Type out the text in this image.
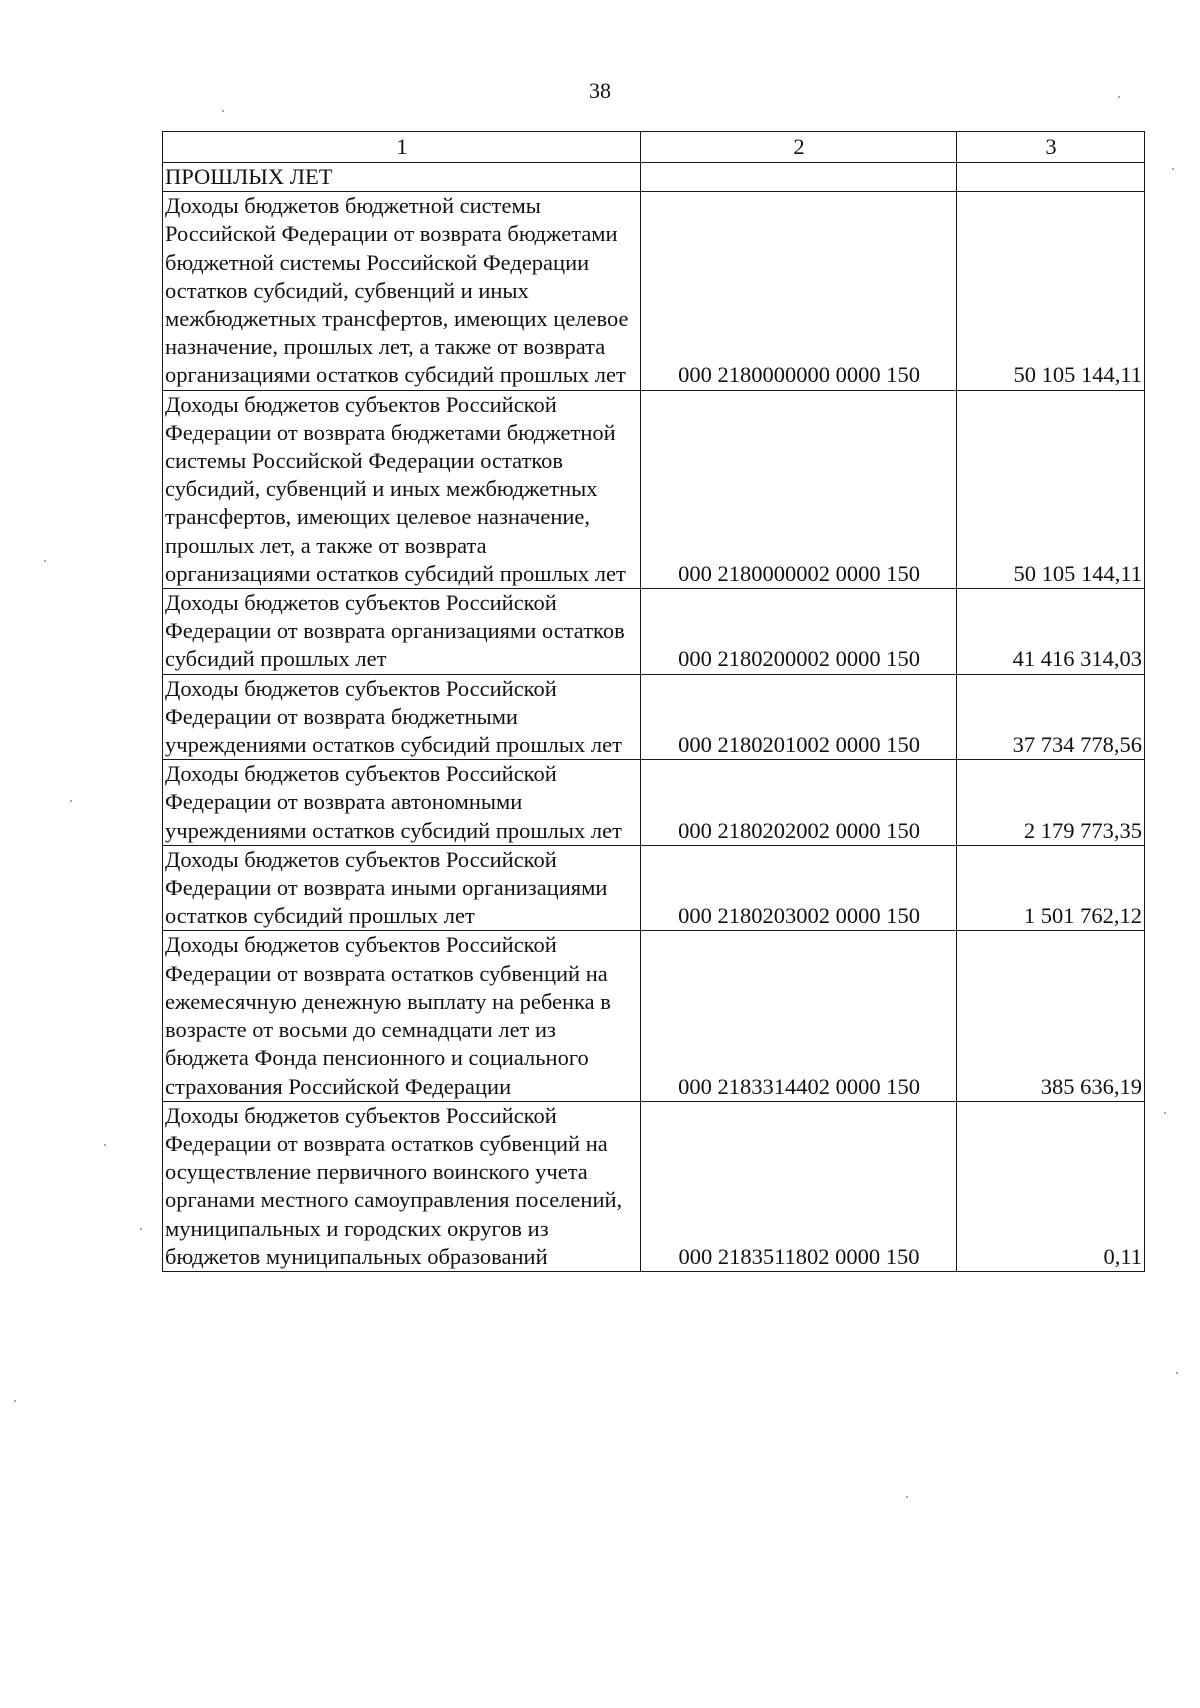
38
1	2	3
ПРОШЛЫХ ЛЕТ		
Доходы бюджетов бюджетной системы Российской Федерации от возврата бюджетами бюджетной системы Российской Федерации остатков субсидий, субвенций и иных межбюджетных трансфертов, имеющих целевое назначение, прошлых лет, а также от возврата организациями остатков субсидий прошлых лет	000 2180000000 0000 150	50 105 144,11
Доходы бюджетов субъектов Российской Федерации от возврата бюджетами бюджетной системы Российской Федерации остатков субсидий, субвенций и иных межбюджетных трансфертов, имеющих целевое назначение, прошлых лет, а также от возврата организациями остатков субсидий прошлых лет	000 2180000002 0000 150	50 105 144,11
Доходы бюджетов субъектов Российской Федерации от возврата организациями остатков субсидий прошлых лет	000 2180200002 0000 150	41 416 314,03
Доходы бюджетов субъектов Российской Федерации от возврата бюджетными учреждениями остатков субсидий прошлых лет	000 2180201002 0000 150	37 734 778,56
Доходы бюджетов субъектов Российской Федерации от возврата автономными учреждениями остатков субсидий прошлых лет	000 2180202002 0000 150	2 179 773,35
Доходы бюджетов субъектов Российской Федерации от возврата иными организациями остатков субсидий прошлых лет	000 2180203002 0000 150	1 501 762,12
Доходы бюджетов субъектов Российской Федерации от возврата остатков субвенций на ежемесячную денежную выплату на ребенка в возрасте от восьми до семнадцати лет из бюджета Фонда пенсионного и социального страхования Российской Федерации	000 2183314402 0000 150	385 636,19
Доходы бюджетов субъектов Российской Федерации от возврата остатков субвенций на осуществление первичного воинского учета органами местного самоуправления поселений, муниципальных и городских округов из бюджетов муниципальных образований	000 2183511802 0000 150	0,11
